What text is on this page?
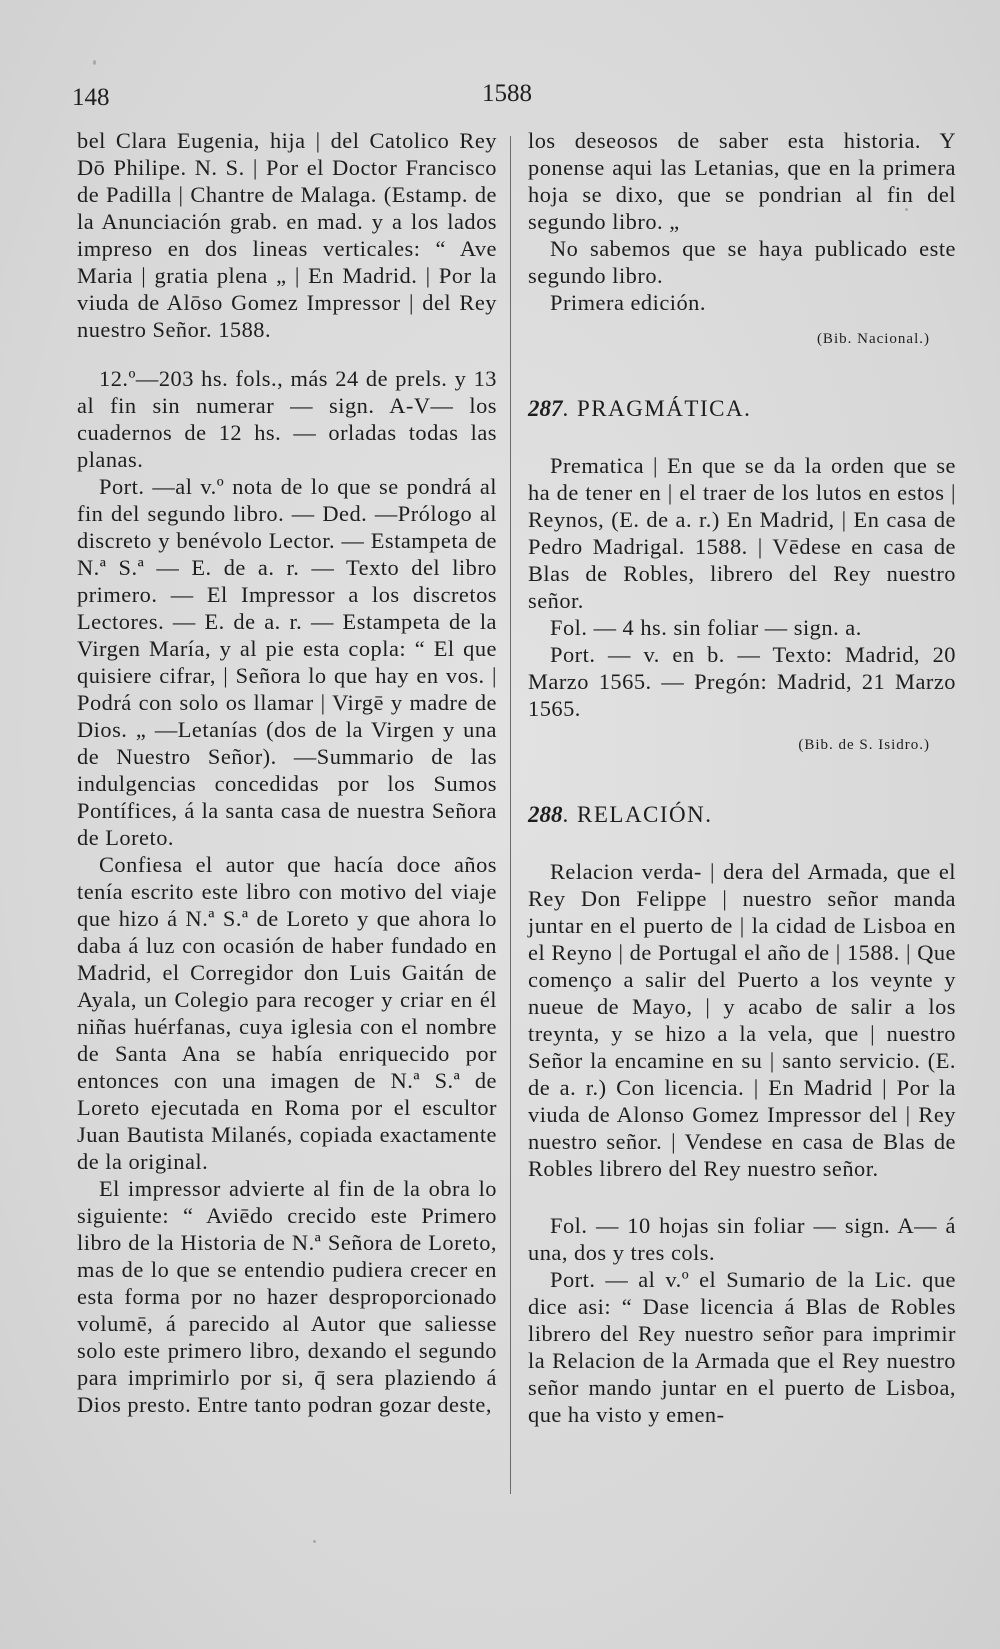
148	1588

bel Clara Eugenia, hija | del Catolico Rey Dō Philipe. N. S. | Por el Doctor Francisco de Padilla | Chantre de Malaga. (Estamp. de la Anunciación grab. en mad. y a los lados impreso en dos lineas verticales: “ Ave Maria | gratia plena „ | En Madrid. | Por la viuda de Alōso Gomez Impressor | del Rey nuestro Señor. 1588.

12.º—203 hs. fols., más 24 de prels. y 13 al fin sin numerar — sign. A-V— los cuadernos de 12 hs. — orladas todas las planas.

Port. —al v.º nota de lo que se pondrá al fin del segundo libro. — Ded. —Prólogo al discreto y benévolo Lector. — Estampeta de N.ª S.ª — E. de a. r. — Texto del libro primero. — El Impressor a los discretos Lectores. — E. de a. r. — Estampeta de la Virgen María, y al pie esta copla: “ El que quisiere cifrar, | Señora lo que hay en vos. | Podrá con solo os llamar | Virgē y madre de Dios. „ —Letanías (dos de la Virgen y una de Nuestro Señor). —Summario de las indulgencias concedidas por los Sumos Pontífices, á la santa casa de nuestra Señora de Loreto.

Confiesa el autor que hacía doce años tenía escrito este libro con motivo del viaje que hizo á N.ª S.ª de Loreto y que ahora lo daba á luz con ocasión de haber fundado en Madrid, el Corregidor don Luis Gaitán de Ayala, un Colegio para recoger y criar en él niñas huérfanas, cuya iglesia con el nombre de Santa Ana se había enriquecido por entonces con una imagen de N.ª S.ª de Loreto ejecutada en Roma por el escultor Juan Bautista Milanés, copiada exactamente de la original.

El impressor advierte al fin de la obra lo siguiente: “ Aviēdo crecido este Primero libro de la Historia de N.ª Señora de Loreto, mas de lo que se entendio pudiera crecer en esta forma por no hazer desproporcionado volumē, á parecido al Autor que saliesse solo este primero libro, dexando el segundo para imprimirlo por si, q̄ sera plaziendo á Dios presto. Entre tanto podran gozar deste,

los deseosos de saber esta historia. Y ponense aqui las Letanias, que en la primera hoja se dixo, que se pondrian al fin del segundo libro. „

No sabemos que se haya publicado este segundo libro.

Primera edición.

(Bib. Nacional.)

287. PRAGMÁTICA.

Prematica | En que se da la orden que se ha de tener en | el traer de los lutos en estos | Reynos, (E. de a. r.) En Madrid, | En casa de Pedro Madrigal. 1588. | Vēdese en casa de Blas de Robles, librero del Rey nuestro señor.

Fol. — 4 hs. sin foliar — sign. a.

Port. — v. en b. — Texto: Madrid, 20 Marzo 1565. — Pregón: Madrid, 21 Marzo 1565.

(Bib. de S. Isidro.)

288. RELACIÓN.

Relacion verda- | dera del Armada, que el Rey Don Felippe | nuestro señor manda juntar en el puerto de | la cidad de Lisboa en el Reyno | de Portugal el año de | 1588. | Que començo a salir del Puerto a los veynte y nueue de Mayo, | y acabo de salir a los treynta, y se hizo a la vela, que | nuestro Señor la encamine en su | santo servicio. (E. de a. r.) Con licencia. | En Madrid | Por la viuda de Alonso Gomez Impressor del | Rey nuestro señor. | Vendese en casa de Blas de Robles librero del Rey nuestro señor.

Fol. — 10 hojas sin foliar — sign. A— á una, dos y tres cols.

Port. — al v.º el Sumario de la Lic. que dice asi: “ Dase licencia á Blas de Robles librero del Rey nuestro señor para imprimir la Relacion de la Armada que el Rey nuestro señor mando juntar en el puerto de Lisboa, que ha visto y emen-
